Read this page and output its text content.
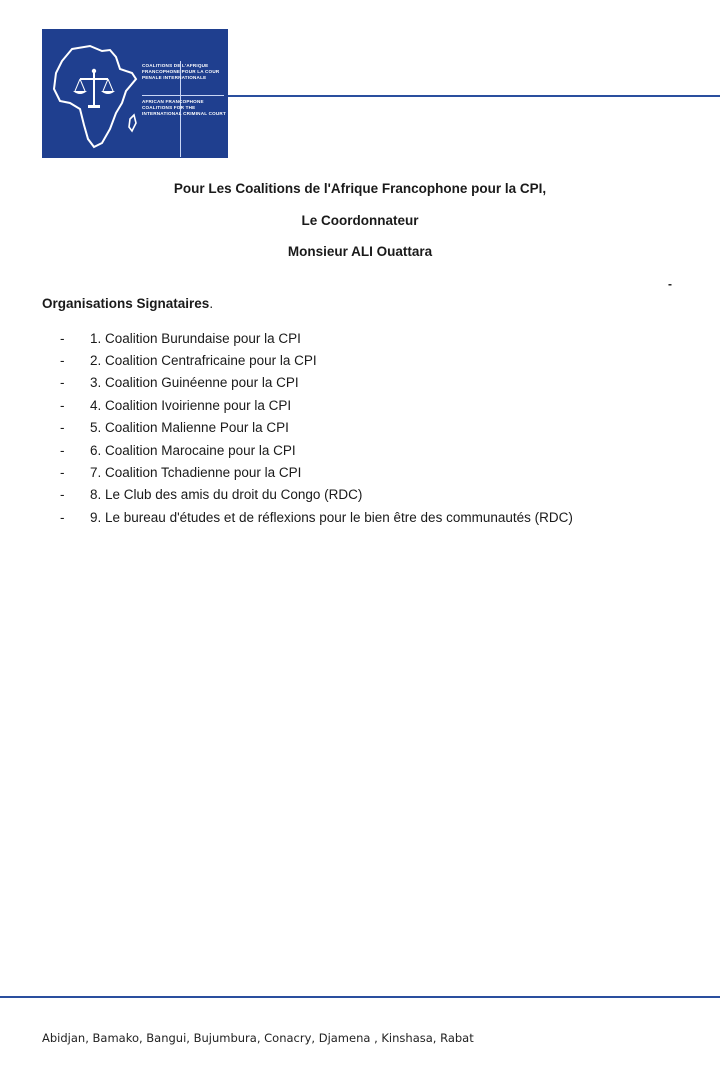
COALITIONS DE L'AFRIQUE FRANCOPHONE POUR LA COUR PENALE INTERNATIONALE
AFRICAN FRANCOPHONE COALITIONS FOR THE INTERNATIONAL CRIMINAL COURT
Pour Les Coalitions de l'Afrique Francophone pour la CPI,
Le Coordonnateur
Monsieur ALI Ouattara
-
Organisations Signataires.
-	1. Coalition Burundaise pour la CPI
-	2. Coalition Centrafricaine pour la CPI
-	3. Coalition Guinéenne pour la CPI
-	4. Coalition Ivoirienne pour la CPI
-	5. Coalition Malienne Pour la CPI
-	6. Coalition Marocaine pour la CPI
-	7. Coalition Tchadienne pour la CPI
-	8. Le Club des amis du droit du Congo (RDC)
-	9. Le bureau d'études et de réflexions pour le bien être des communautés (RDC)
Abidjan, Bamako, Bangui, Bujumbura, Conacry, Djamena , Kinshasa, Rabat
